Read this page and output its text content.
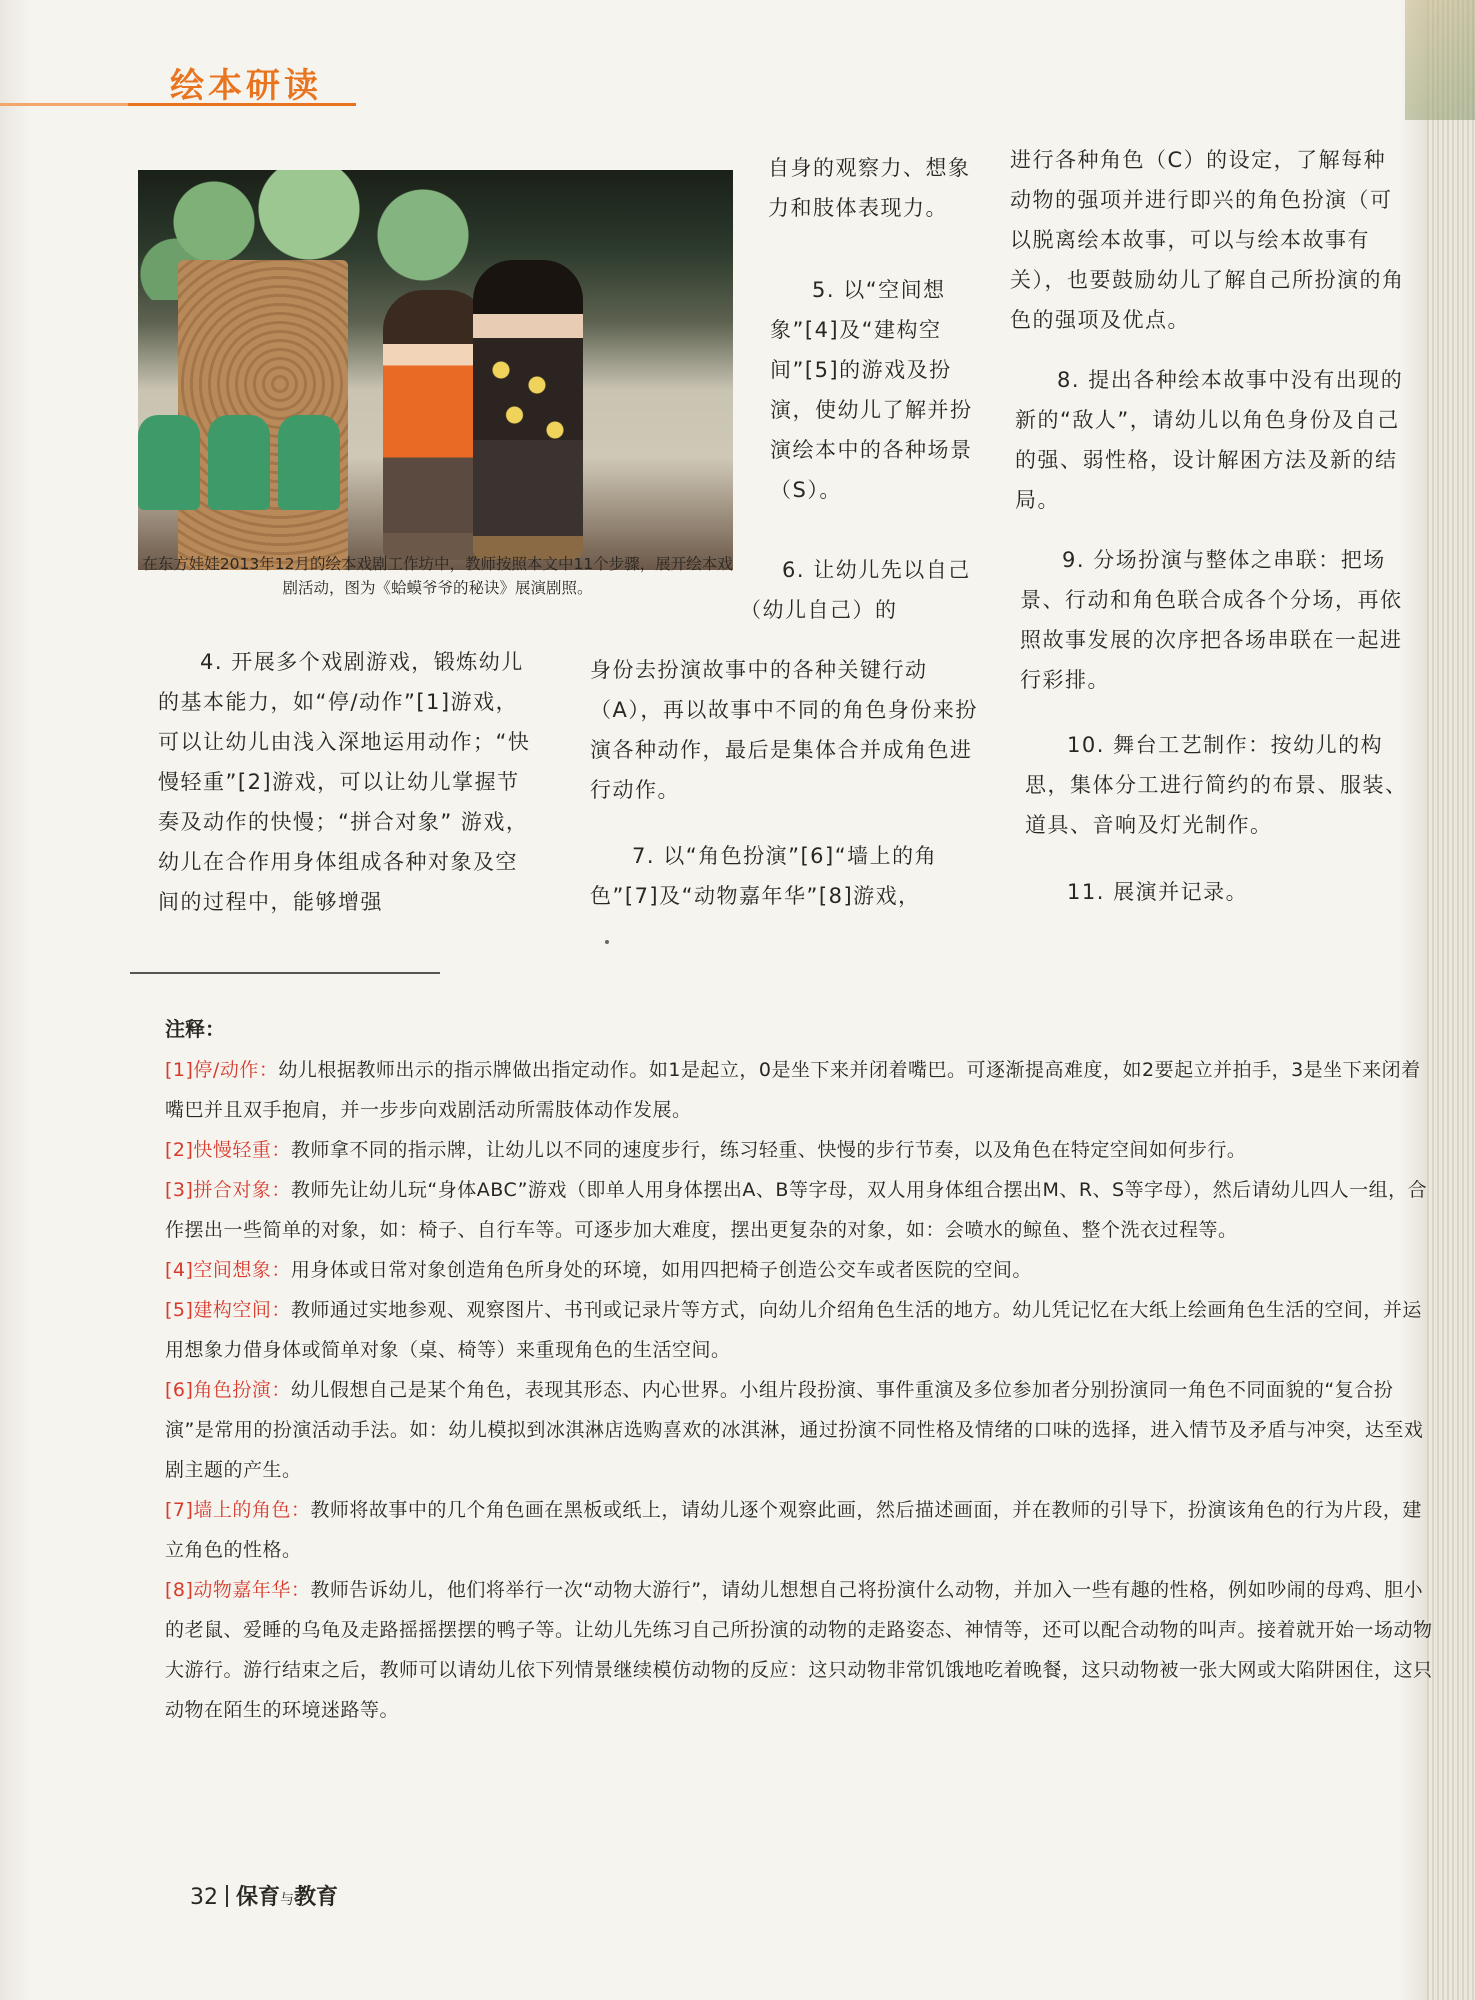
绘本研读
在东方娃娃2013年12月的绘本戏剧工作坊中，教师按照本文中11个步骤，展开绘本戏剧活动，图为《蛤蟆爷爷的秘诀》展演剧照。
4. 开展多个戏剧游戏，锻炼幼儿的基本能力，如“停/动作”[1]游戏，可以让幼儿由浅入深地运用动作；“快慢轻重”[2]游戏，可以让幼儿掌握节奏及动作的快慢；“拼合对象” 游戏，幼儿在合作用身体组成各种对象及空间的过程中，能够增强
自身的观察力、想象力和肢体表现力。
5. 以“空间想象”[4]及“建构空间”[5]的游戏及扮演，使幼儿了解并扮演绘本中的各种场景（S）。
6. 让幼儿先以自己（幼儿自己）的
身份去扮演故事中的各种关键行动（A），再以故事中不同的角色身份来扮演各种动作，最后是集体合并成角色进行动作。
7. 以“角色扮演”[6]“墙上的角色”[7]及“动物嘉年华”[8]游戏，
进行各种角色（C）的设定，了解每种动物的强项并进行即兴的角色扮演（可以脱离绘本故事，可以与绘本故事有关），也要鼓励幼儿了解自己所扮演的角色的强项及优点。
8. 提出各种绘本故事中没有出现的新的“敌人”，请幼儿以角色身份及自己的强、弱性格，设计解困方法及新的结局。
9. 分场扮演与整体之串联：把场景、行动和角色联合成各个分场，再依照故事发展的次序把各场串联在一起进行彩排。
10. 舞台工艺制作：按幼儿的构思，集体分工进行简约的布景、服装、道具、音响及灯光制作。
11. 展演并记录。
注释：

[1]停/动作：幼儿根据教师出示的指示牌做出指定动作。如1是起立，0是坐下来并闭着嘴巴。可逐渐提高难度，如2要起立并拍手，3是坐下来闭着嘴巴并且双手抱肩，并一步步向戏剧活动所需肢体动作发展。

[2]快慢轻重：教师拿不同的指示牌，让幼儿以不同的速度步行，练习轻重、快慢的步行节奏，以及角色在特定空间如何步行。

[3]拼合对象：教师先让幼儿玩“身体ABC”游戏（即单人用身体摆出A、B等字母，双人用身体组合摆出M、R、S等字母），然后请幼儿四人一组，合作摆出一些简单的对象，如：椅子、自行车等。可逐步加大难度，摆出更复杂的对象，如：会喷水的鲸鱼、整个洗衣过程等。

[4]空间想象：用身体或日常对象创造角色所身处的环境，如用四把椅子创造公交车或者医院的空间。

[5]建构空间：教师通过实地参观、观察图片、书刊或记录片等方式，向幼儿介绍角色生活的地方。幼儿凭记忆在大纸上绘画角色生活的空间，并运用想象力借身体或简单对象（桌、椅等）来重现角色的生活空间。

[6]角色扮演：幼儿假想自己是某个角色，表现其形态、内心世界。小组片段扮演、事件重演及多位参加者分别扮演同一角色不同面貌的“复合扮演”是常用的扮演活动手法。如：幼儿模拟到冰淇淋店选购喜欢的冰淇淋，通过扮演不同性格及情绪的口味的选择，进入情节及矛盾与冲突，达至戏剧主题的产生。

[7]墙上的角色：教师将故事中的几个角色画在黑板或纸上，请幼儿逐个观察此画，然后描述画面，并在教师的引导下，扮演该角色的行为片段，建立角色的性格。

[8]动物嘉年华：教师告诉幼儿，他们将举行一次“动物大游行”，请幼儿想想自己将扮演什么动物，并加入一些有趣的性格，例如吵闹的母鸡、胆小的老鼠、爱睡的乌龟及走路摇摇摆摆的鸭子等。让幼儿先练习自己所扮演的动物的走路姿态、神情等，还可以配合动物的叫声。接着就开始一场动物大游行。游行结束之后，教师可以请幼儿依下列情景继续模仿动物的反应：这只动物非常饥饿地吃着晚餐，这只动物被一张大网或大陷阱困住，这只动物在陌生的环境迷路等。

32 保育与教育
